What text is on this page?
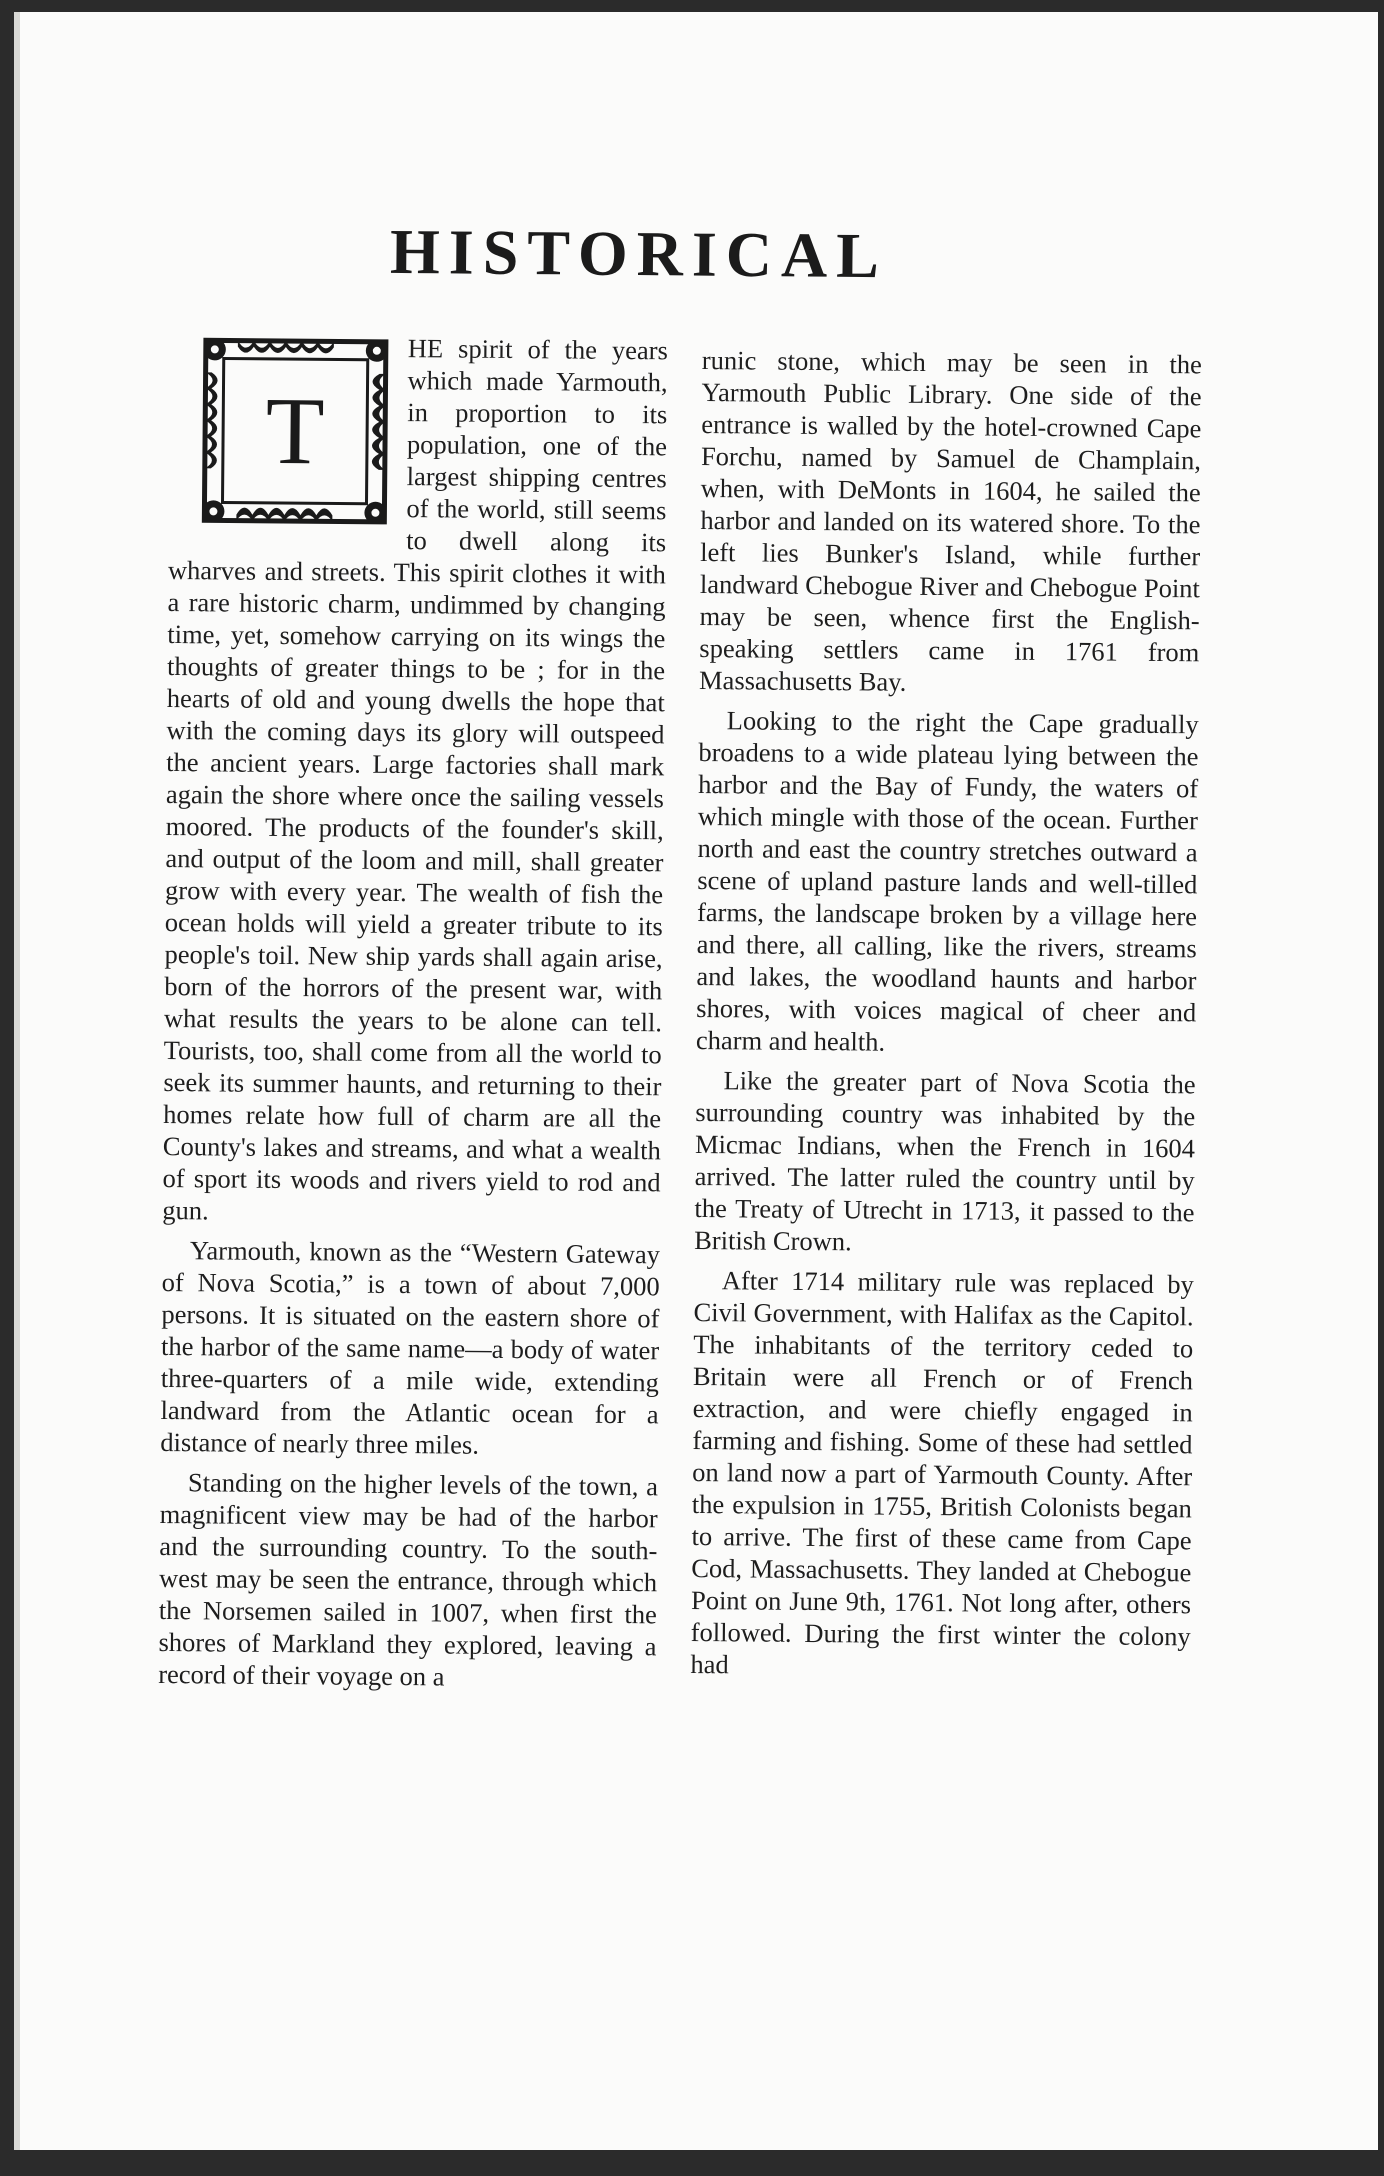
HISTORICAL
T

HE spirit of the years which made Yarmouth, in proportion to its population, one of the largest shipping centres of the world, still seems to dwell along its wharves and streets. This spirit clothes it with a rare historic charm, undimmed by changing time, yet, somehow carrying on its wings the thoughts of greater things to be ; for in the hearts of old and young dwells the hope that with the coming days its glory will outspeed the ancient years. Large factories shall mark again the shore where once the sailing vessels moored. The products of the founder's skill, and output of the loom and mill, shall greater grow with every year. The wealth of fish the ocean holds will yield a greater tribute to its people's toil. New ship yards shall again arise, born of the horrors of the present war, with what results the years to be alone can tell. Tourists, too, shall come from all the world to seek its summer haunts, and returning to their homes relate how full of charm are all the County's lakes and streams, and what a wealth of sport its woods and rivers yield to rod and gun.

Yarmouth, known as the “Western Gateway of Nova Scotia,” is a town of about 7,000 persons. It is situated on the eastern shore of the harbor of the same name—a body of water three-quarters of a mile wide, extending landward from the Atlantic ocean for a distance of nearly three miles.

Standing on the higher levels of the town, a magnificent view may be had of the harbor and the surrounding country. To the south-west may be seen the entrance, through which the Norsemen sailed in 1007, when first the shores of Markland they explored, leaving a record of their voyage on a

runic stone, which may be seen in the Yarmouth Public Library. One side of the entrance is walled by the hotel-crowned Cape Forchu, named by Samuel de Champlain, when, with DeMonts in 1604, he sailed the harbor and landed on its watered shore. To the left lies Bunker's Island, while further landward Chebogue River and Chebogue Point may be seen, whence first the English-speaking settlers came in 1761 from Massachusetts Bay.

Looking to the right the Cape gradually broadens to a wide plateau lying between the harbor and the Bay of Fundy, the waters of which mingle with those of the ocean. Further north and east the country stretches outward a scene of upland pasture lands and well-tilled farms, the landscape broken by a village here and there, all calling, like the rivers, streams and lakes, the woodland haunts and harbor shores, with voices magical of cheer and charm and health.

Like the greater part of Nova Scotia the surrounding country was inhabited by the Micmac Indians, when the French in 1604 arrived. The latter ruled the country until by the Treaty of Utrecht in 1713, it passed to the British Crown.

After 1714 military rule was replaced by Civil Government, with Halifax as the Capitol. The inhabitants of the territory ceded to Britain were all French or of French extraction, and were chiefly engaged in farming and fishing. Some of these had settled on land now a part of Yarmouth County. After the expulsion in 1755, British Colonists began to arrive. The first of these came from Cape Cod, Massachusetts. They landed at Chebogue Point on June 9th, 1761. Not long after, others followed. During the first winter the colony had
